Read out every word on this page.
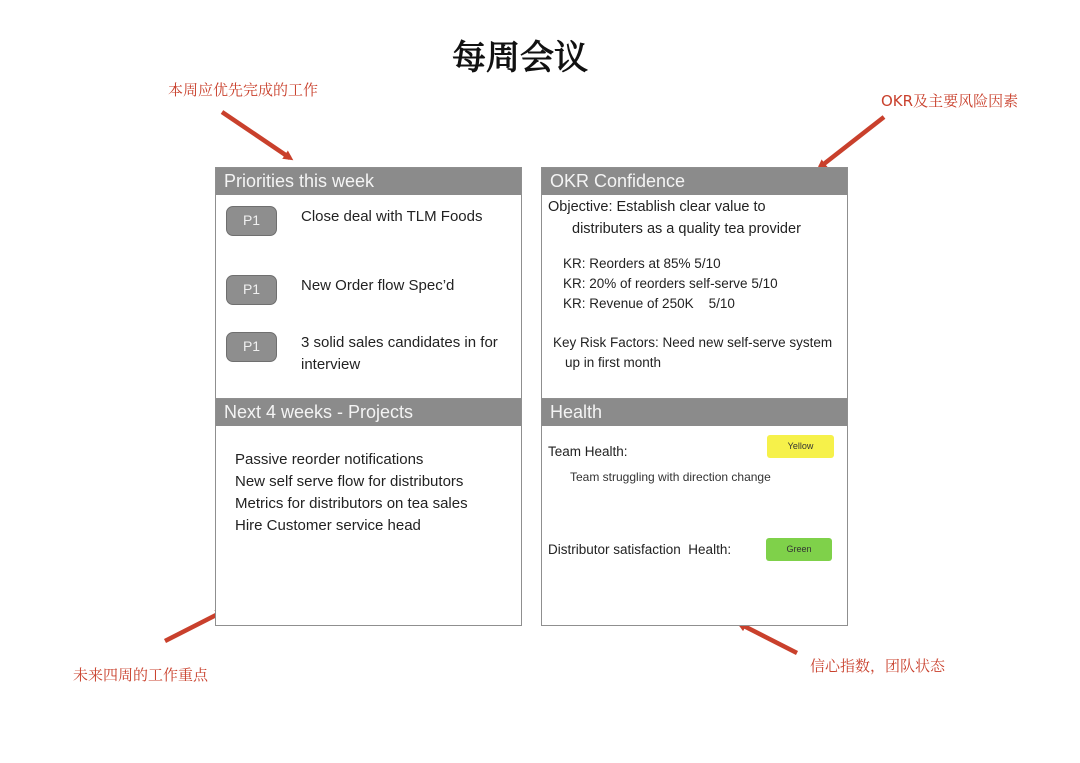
每周会议
本周应优先完成的工作
OKR及主要风险因素
未来四周的工作重点	信心指数，团队状态
Priorities this week
P1	Close deal with TLM Foods
P1	New Order flow Spec’d
P1	3 solid sales candidates in for interview
OKR Confidence
Objective: Establish clear value to distributers as a quality tea provider
KR: Reorders at 85% 5/10
KR: 20% of reorders self-serve 5/10
KR: Revenue of 250K    5/10
Key Risk Factors: Need new self-serve system up in first month
Next 4 weeks - Projects
Passive reorder notifications
New self serve flow for distributors
Metrics for distributors on tea sales
Hire Customer service head
Health
Team Health:	Yellow
Team struggling with direction change
Distributor satisfaction  Health:	Green
